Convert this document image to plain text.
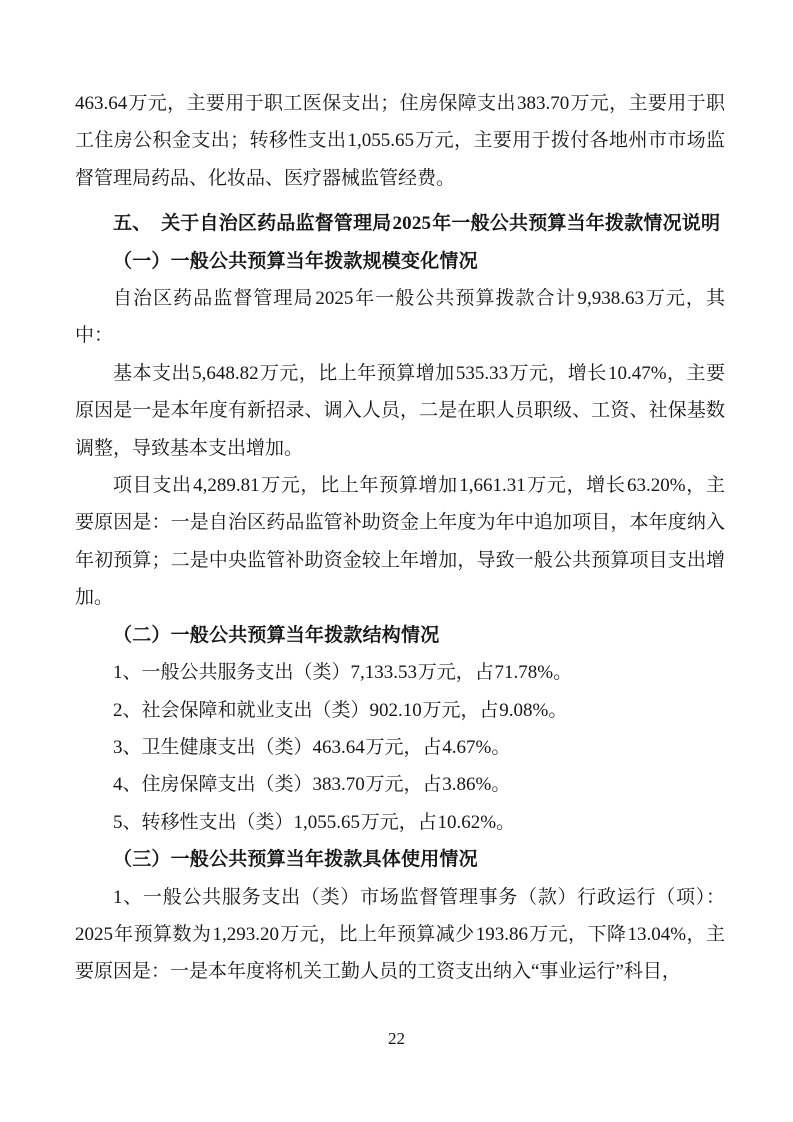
463.64 万元，主要用于职工医保支出；住房保障支出 383.70 万元，主要用于职工住房公积金支出；转移性支出 1,055.65 万元，主要用于拨付各地州市市场监督管理局药品、化妆品、医疗器械监管经费。

五、　关于自治区药品监督管理局 2025 年一般公共预算当年拨款情况说明

（一）一般公共预算当年拨款规模变化情况

自治区药品监督管理局 2025 年一般公共预算拨款合计 9,938.63 万元，其中：

基本支出 5,648.82 万元，比上年预算增加 535.33 万元，增长 10.47%，主要原因是一是本年度有新招录、调入人员，二是在职人员职级、工资、社保基数调整，导致基本支出增加。

项目支出 4,289.81 万元，比上年预算增加 1,661.31 万元，增长 63.20%，主要原因是：一是自治区药品监管补助资金上年度为年中追加项目，本年度纳入年初预算；二是中央监管补助资金较上年增加，导致一般公共预算项目支出增加。

（二）一般公共预算当年拨款结构情况

1、一般公共服务支出（类）7,133.53 万元，占 71.78%。

2、社会保障和就业支出（类）902.10 万元，占 9.08%。

3、卫生健康支出（类）463.64 万元，占 4.67%。

4、住房保障支出（类）383.70 万元，占 3.86%。

5、转移性支出（类）1,055.65 万元，占 10.62%。

（三）一般公共预算当年拨款具体使用情况

1、一般公共服务支出（类）市场监督管理事务（款）行政运行（项）：2025 年预算数为 1,293.20 万元，比上年预算减少 193.86 万元，下降 13.04%，主要原因是：一是本年度将机关工勤人员的工资支出纳入“事业运行”科目，

22
